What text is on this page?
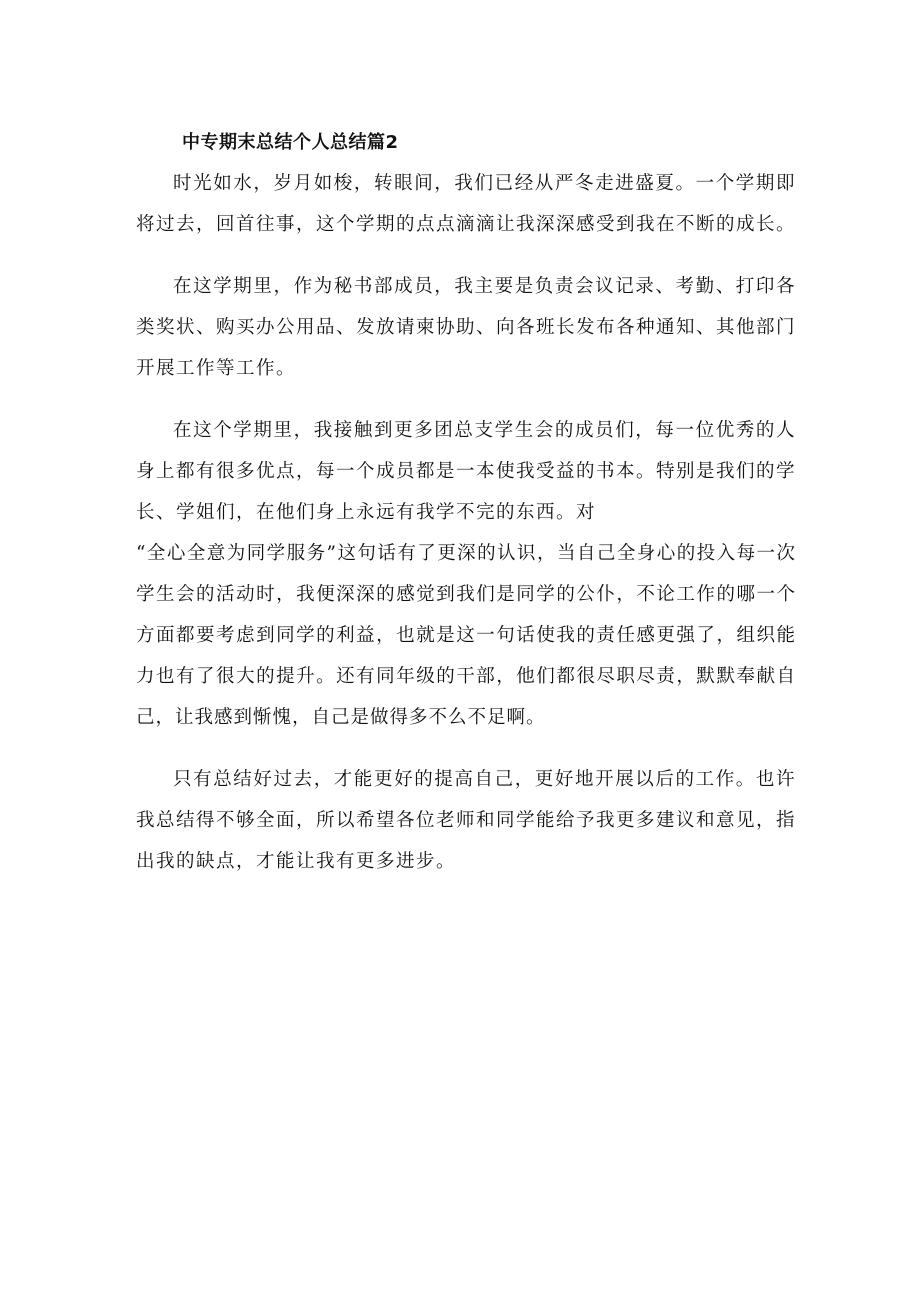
中专期末总结个人总结篇2

时光如水，岁月如梭，转眼间，我们已经从严冬走进盛夏。一个学期即将过去，回首往事，这个学期的点点滴滴让我深深感受到我在不断的成长。

在这学期里，作为秘书部成员，我主要是负责会议记录、考勤、打印各类奖状、购买办公用品、发放请柬协助、向各班长发布各种通知、其他部门开展工作等工作。

在这个学期里，我接触到更多团总支学生会的成员们，每一位优秀的人身上都有很多优点，每一个成员都是一本使我受益的书本。特别是我们的学长、学姐们，在他们身上永远有我学不完的东西。对

“全心全意为同学服务”这句话有了更深的认识，当自己全身心的投入每一次学生会的活动时，我便深深的感觉到我们是同学的公仆，不论工作的哪一个方面都要考虑到同学的利益，也就是这一句话使我的责任感更强了，组织能力也有了很大的提升。还有同年级的干部，他们都很尽职尽责，默默奉献自己，让我感到惭愧，自己是做得多不么不足啊。

只有总结好过去，才能更好的提高自己，更好地开展以后的工作。也许我总结得不够全面，所以希望各位老师和同学能给予我更多建议和意见，指出我的缺点，才能让我有更多进步。
